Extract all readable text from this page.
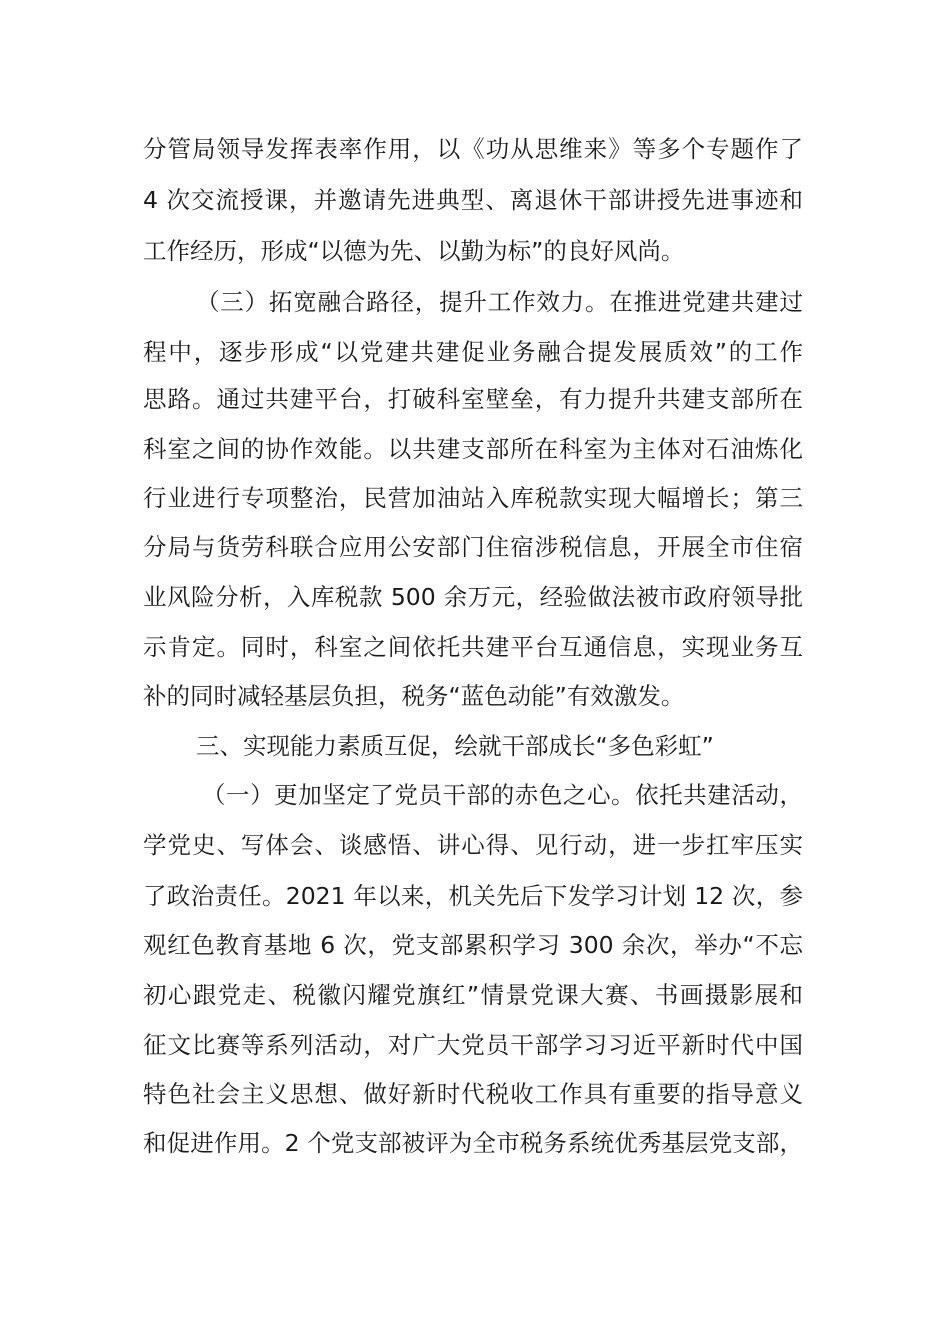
分管局领导发挥表率作用，以《功从思维来》等多个专题作了
4 次交流授课，并邀请先进典型、离退休干部讲授先进事迹和
工作经历，形成“以德为先、以勤为标”的良好风尚。
（三）拓宽融合路径，提升工作效力。在推进党建共建过
程中，逐步形成“以党建共建促业务融合提发展质效”的工作
思路。通过共建平台，打破科室壁垒，有力提升共建支部所在
科室之间的协作效能。以共建支部所在科室为主体对石油炼化
行业进行专项整治，民营加油站入库税款实现大幅增长；第三
分局与货劳科联合应用公安部门住宿涉税信息，开展全市住宿
业风险分析，入库税款 500 余万元，经验做法被市政府领导批
示肯定。同时，科室之间依托共建平台互通信息，实现业务互
补的同时减轻基层负担，税务“蓝色动能”有效激发。
三、实现能力素质互促，绘就干部成长“多色彩虹”
（一）更加坚定了党员干部的赤色之心。依托共建活动，
学党史、写体会、谈感悟、讲心得、见行动，进一步扛牢压实
了政治责任。2021 年以来，机关先后下发学习计划 12 次，参
观红色教育基地 6 次，党支部累积学习 300 余次，举办“不忘
初心跟党走、税徽闪耀党旗红”情景党课大赛、书画摄影展和
征文比赛等系列活动，对广大党员干部学习习近平新时代中国
特色社会主义思想、做好新时代税收工作具有重要的指导意义
和促进作用。2 个党支部被评为全市税务系统优秀基层党支部，
